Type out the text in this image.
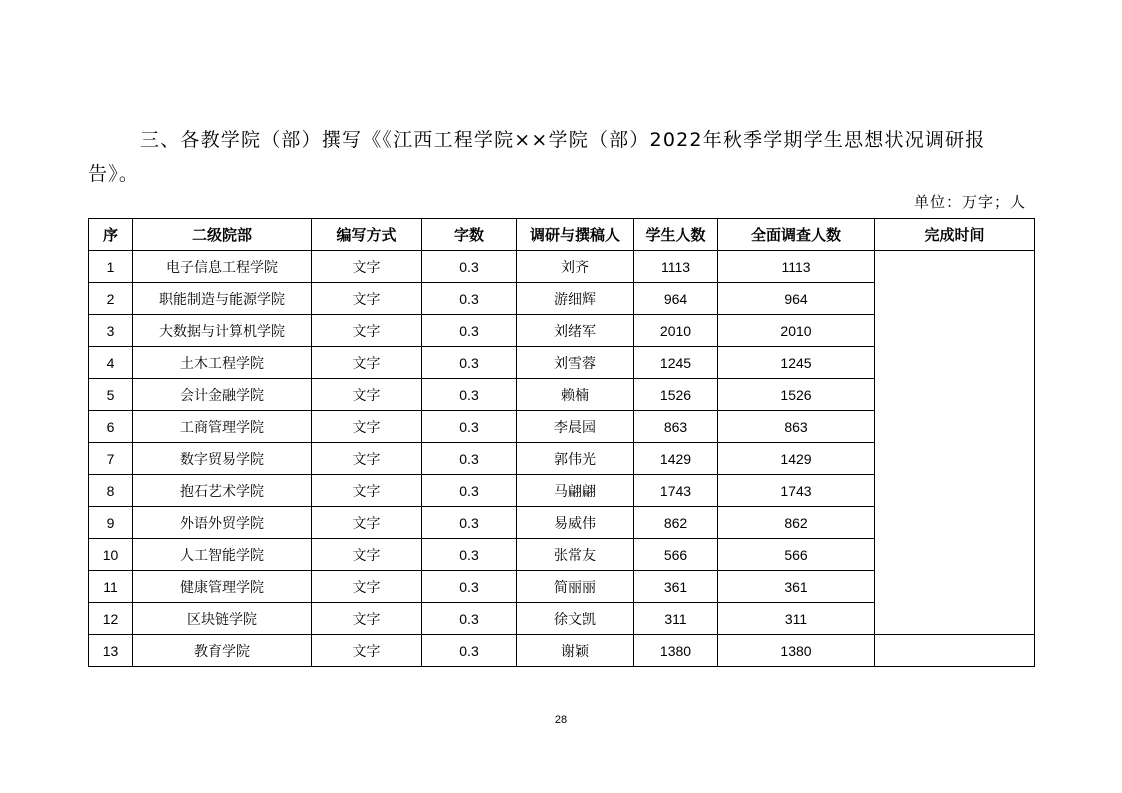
三、各教学院（部）撰写《《江西工程学院××学院（部）2022年秋季学期学生思想状况调研报告》。

单位：万字；人

序	二级院部	编写方式	字数	调研与撰稿人	学生人数	全面调查人数	完成时间
1	电子信息工程学院	文字	0.3	刘齐	1113	1113	
2	职能制造与能源学院	文字	0.3	游细辉	964	964	
3	大数据与计算机学院	文字	0.3	刘绪军	2010	2010	
4	土木工程学院	文字	0.3	刘雪蓉	1245	1245	
5	会计金融学院	文字	0.3	赖楠	1526	1526	
6	工商管理学院	文字	0.3	李晨园	863	863	
7	数字贸易学院	文字	0.3	郭伟光	1429	1429	
8	抱石艺术学院	文字	0.3	马翩翩	1743	1743	
9	外语外贸学院	文字	0.3	易威伟	862	862	
10	人工智能学院	文字	0.3	张常友	566	566	
11	健康管理学院	文字	0.3	简丽丽	361	361	
12	区块链学院	文字	0.3	徐文凯	311	311	
13	教育学院	文字	0.3	谢颖	1380	1380	

28
